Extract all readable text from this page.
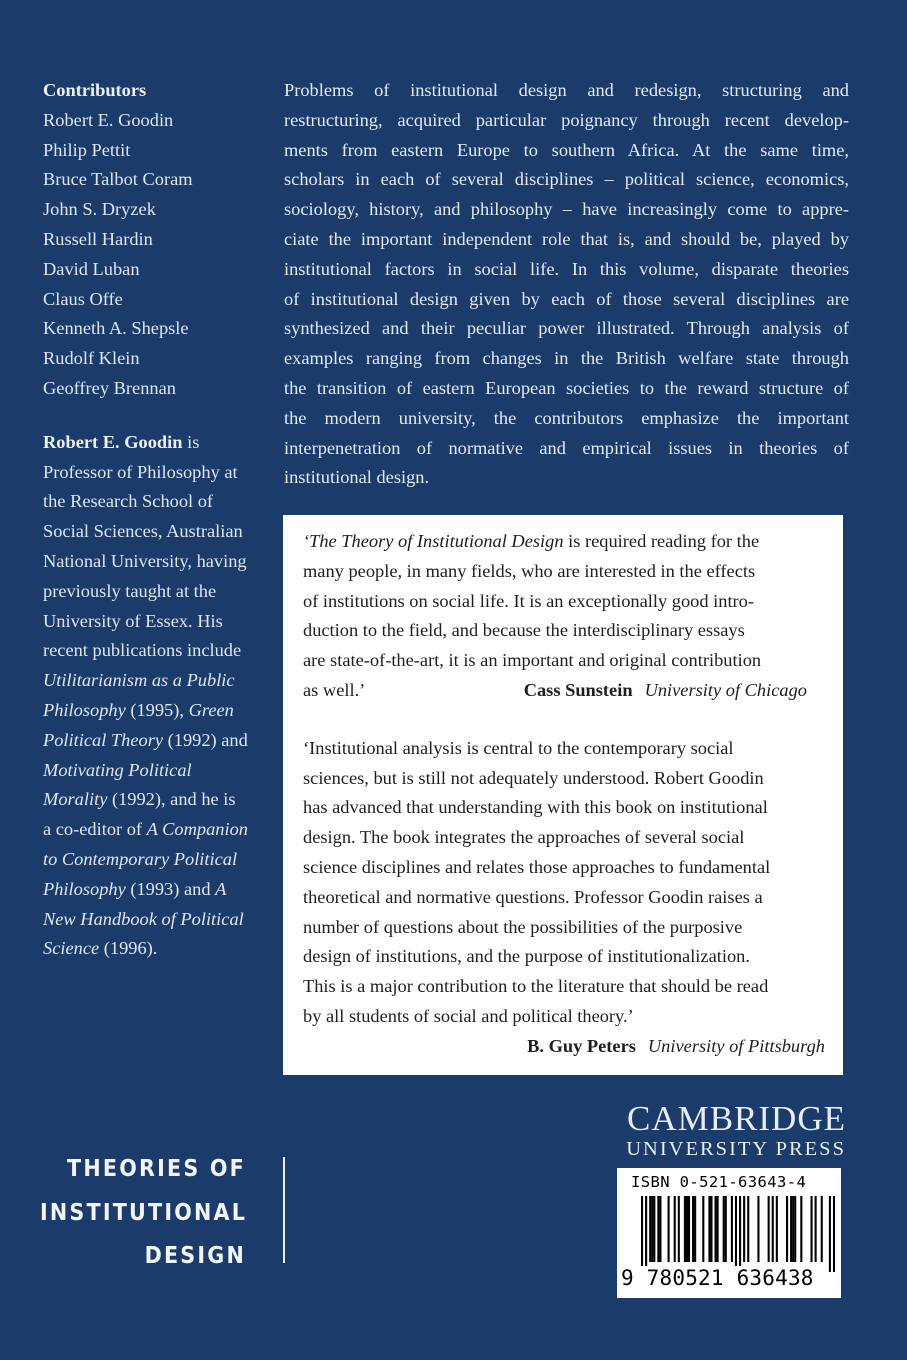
Contributors
Robert E. Goodin
Philip Pettit
Bruce Talbot Coram
John S. Dryzek
Russell Hardin
David Luban
Claus Offe
Kenneth A. Shepsle
Rudolf Klein
Geoffrey Brennan
Robert E. Goodin is Professor of Philosophy at the Research School of Social Sciences, Australian National University, having previously taught at the University of Essex. His recent publications include Utilitarianism as a Public Philosophy (1995), Green Political Theory (1992) and Motivating Political Morality (1992), and he is a co-editor of A Companion to Contemporary Political Philosophy (1993) and A New Handbook of Political Science (1996).
Problems of institutional design and redesign, structuring and
restructuring, acquired particular poignancy through recent develop-
ments from eastern Europe to southern Africa. At the same time,
scholars in each of several disciplines – political science, economics,
sociology, history, and philosophy – have increasingly come to appre-
ciate the important independent role that is, and should be, played by
institutional factors in social life. In this volume, disparate theories
of institutional design given by each of those several disciplines are
synthesized and their peculiar power illustrated. Through analysis of
examples ranging from changes in the British welfare state through
the transition of eastern European societies to the reward structure of
the modern university, the contributors emphasize the important
interpenetration of normative and empirical issues in theories of
institutional design.
‘The Theory of Institutional Design is required reading for the
many people, in many fields, who are interested in the effects
of institutions on social life. It is an exceptionally good intro-
duction to the field, and because the interdisciplinary essays
are state-of-the-art, it is an important and original contribution
as well.’	Cass Sunstein University of Chicago
‘Institutional analysis is central to the contemporary social
sciences, but is still not adequately understood. Robert Goodin
has advanced that understanding with this book on institutional
design. The book integrates the approaches of several social
science disciplines and relates those approaches to fundamental
theoretical and normative questions. Professor Goodin raises a
number of questions about the possibilities of the purposive
design of institutions, and the purpose of institutionalization.
This is a major contribution to the literature that should be read
by all students of social and political theory.’
B. Guy Peters University of Pittsburgh
THEORIES OF
INSTITUTIONAL
DESIGN
CAMBRIDGE
UNIVERSITY PRESS
ISBN 0-521-63643-4
9 780521 636438
